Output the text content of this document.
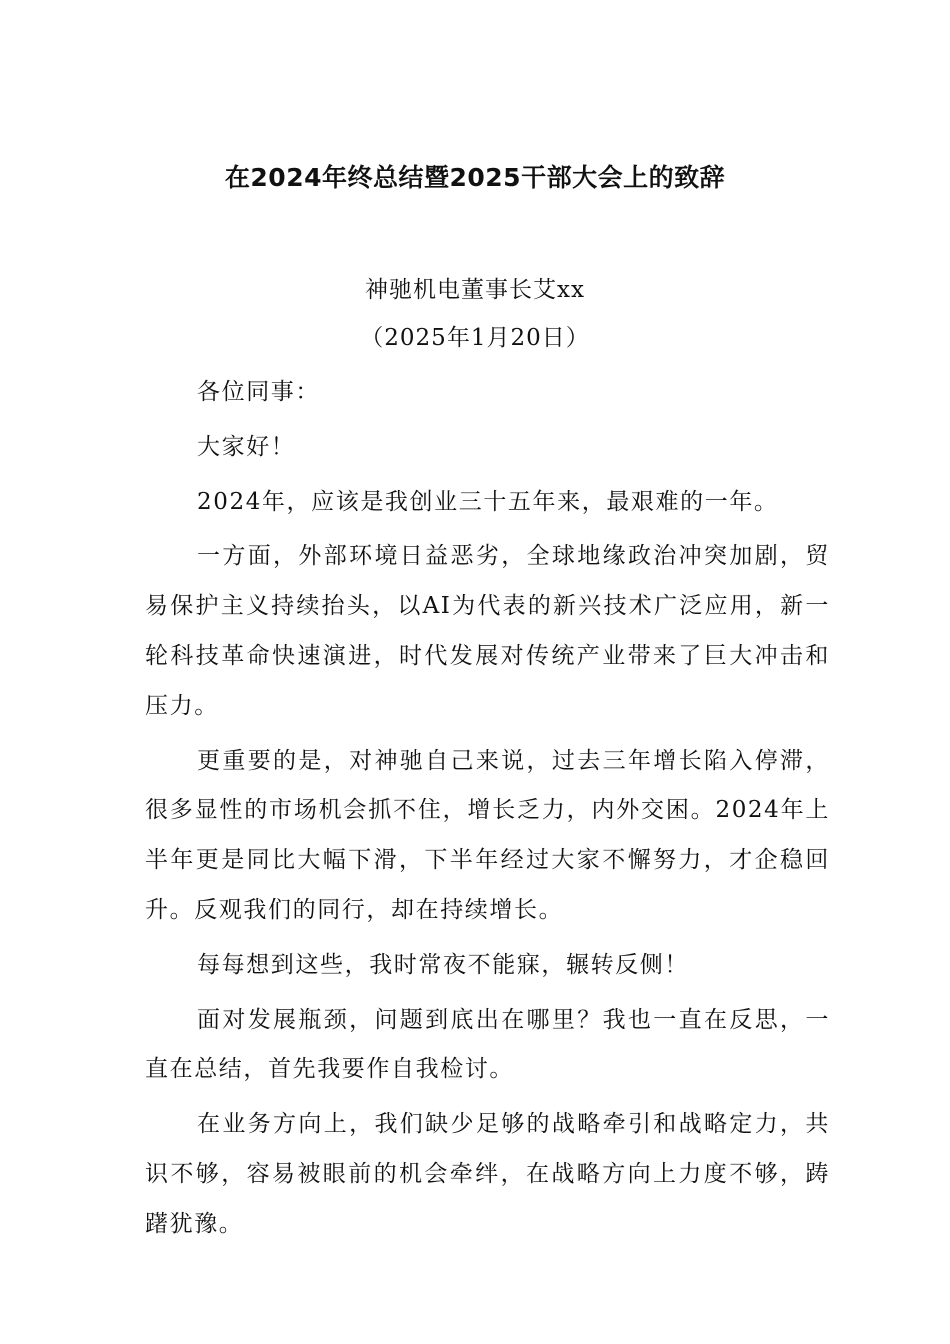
在2024年终总结暨2025干部大会上的致辞

神驰机电董事长艾xx

（2025年1月20日）

各位同事：

大家好！

2024年，应该是我创业三十五年来，最艰难的一年。

一方面，外部环境日益恶劣，全球地缘政治冲突加剧，贸易保护主义持续抬头，以AI为代表的新兴技术广泛应用，新一轮科技革命快速演进，时代发展对传统产业带来了巨大冲击和压力。

更重要的是，对神驰自己来说，过去三年增长陷入停滞，很多显性的市场机会抓不住，增长乏力，内外交困。2024年上半年更是同比大幅下滑，下半年经过大家不懈努力，才企稳回升。反观我们的同行，却在持续增长。

每每想到这些，我时常夜不能寐，辗转反侧！

面对发展瓶颈，问题到底出在哪里？我也一直在反思，一直在总结，首先我要作自我检讨。

在业务方向上，我们缺少足够的战略牵引和战略定力，共识不够，容易被眼前的机会牵绊，在战略方向上力度不够，踌躇犹豫。
